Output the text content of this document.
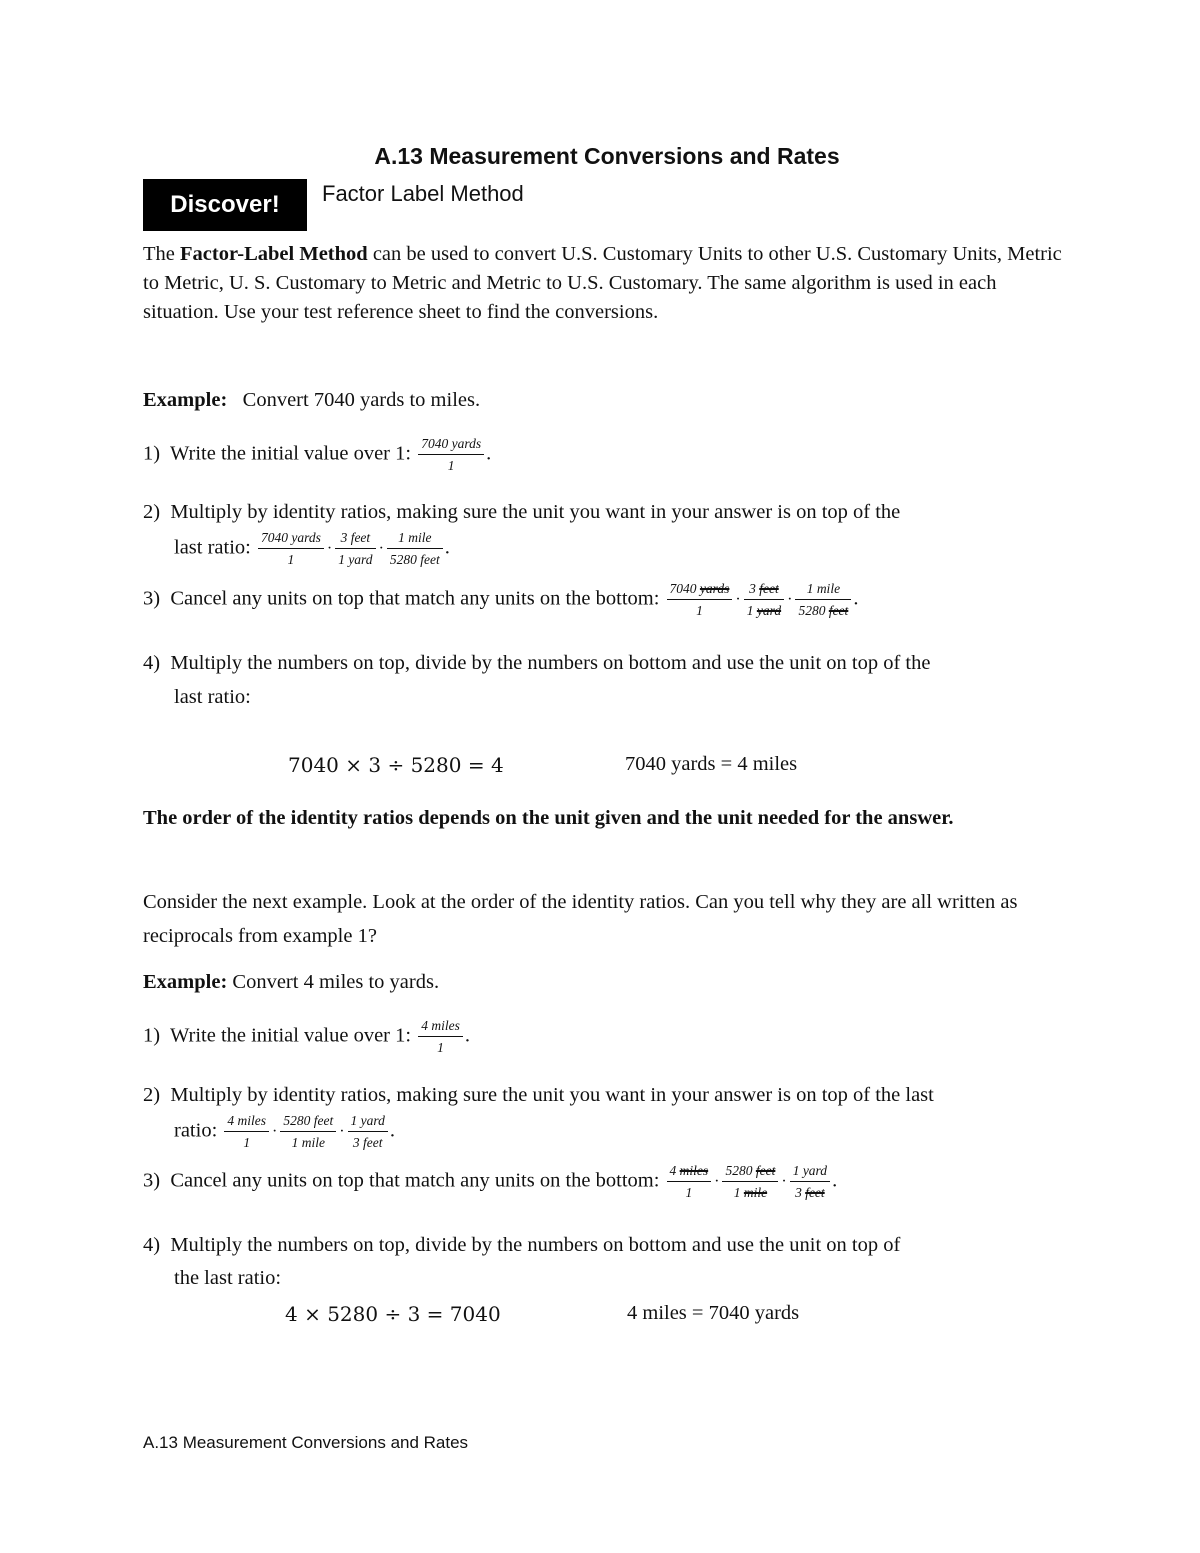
A.13 Measurement Conversions and Rates
Discover!	Factor Label Method
The Factor-Label Method can be used to convert U.S. Customary Units to other U.S. Customary Units, Metric to Metric, U. S. Customary to Metric and Metric to U.S. Customary. The same algorithm is used in each situation. Use your test reference sheet to find the conversions.
Example: Convert 7040 yards to miles.
1) Write the initial value over 1: $\frac{\text{7040 yards}}{1}$ .
2) Multiply by identity ratios, making sure the unit you want in your answer is on top of the
last ratio: $\frac{\text{7040 yards}}{1} \cdot \frac{\text{3 feet}}{\text{1 yard}} \cdot \frac{\text{1 mile}}{\text{5280 feet}}$ .
3) Cancel any units on top that match any units on the bottom: $\frac{\text{7040 yards}}{1} \cdot \frac{\text{3 feet}}{\text{1 yard}} \cdot \frac{\text{1 mile}}{\text{5280 feet}}$ .
4) Multiply the numbers on top, divide by the numbers on bottom and use the unit on top of the
last ratio:
7040 × 3 ÷ 5280 = 4	7040 yards = 4 miles
The order of the identity ratios depends on the unit given and the unit needed for the answer.
Consider the next example. Look at the order of the identity ratios. Can you tell why they are all written as reciprocals from example 1?
Example: Convert 4 miles to yards.
1) Write the initial value over 1: $\frac{\text{4 miles}}{1}$ .
2) Multiply by identity ratios, making sure the unit you want in your answer is on top of the last
ratio: $\frac{\text{4 miles}}{1} \cdot \frac{\text{5280 feet}}{\text{1 mile}} \cdot \frac{\text{1 yard}}{\text{3 feet}}$ .
3) Cancel any units on top that match any units on the bottom: $\frac{\text{4 miles}}{1} \cdot \frac{\text{5280 feet}}{\text{1 mile}} \cdot \frac{\text{1 yard}}{\text{3 feet}}$ .
4) Multiply the numbers on top, divide by the numbers on bottom and use the unit on top of
the last ratio:
4 × 5280 ÷ 3 = 7040	4 miles = 7040 yards
A.13 Measurement Conversions and Rates
